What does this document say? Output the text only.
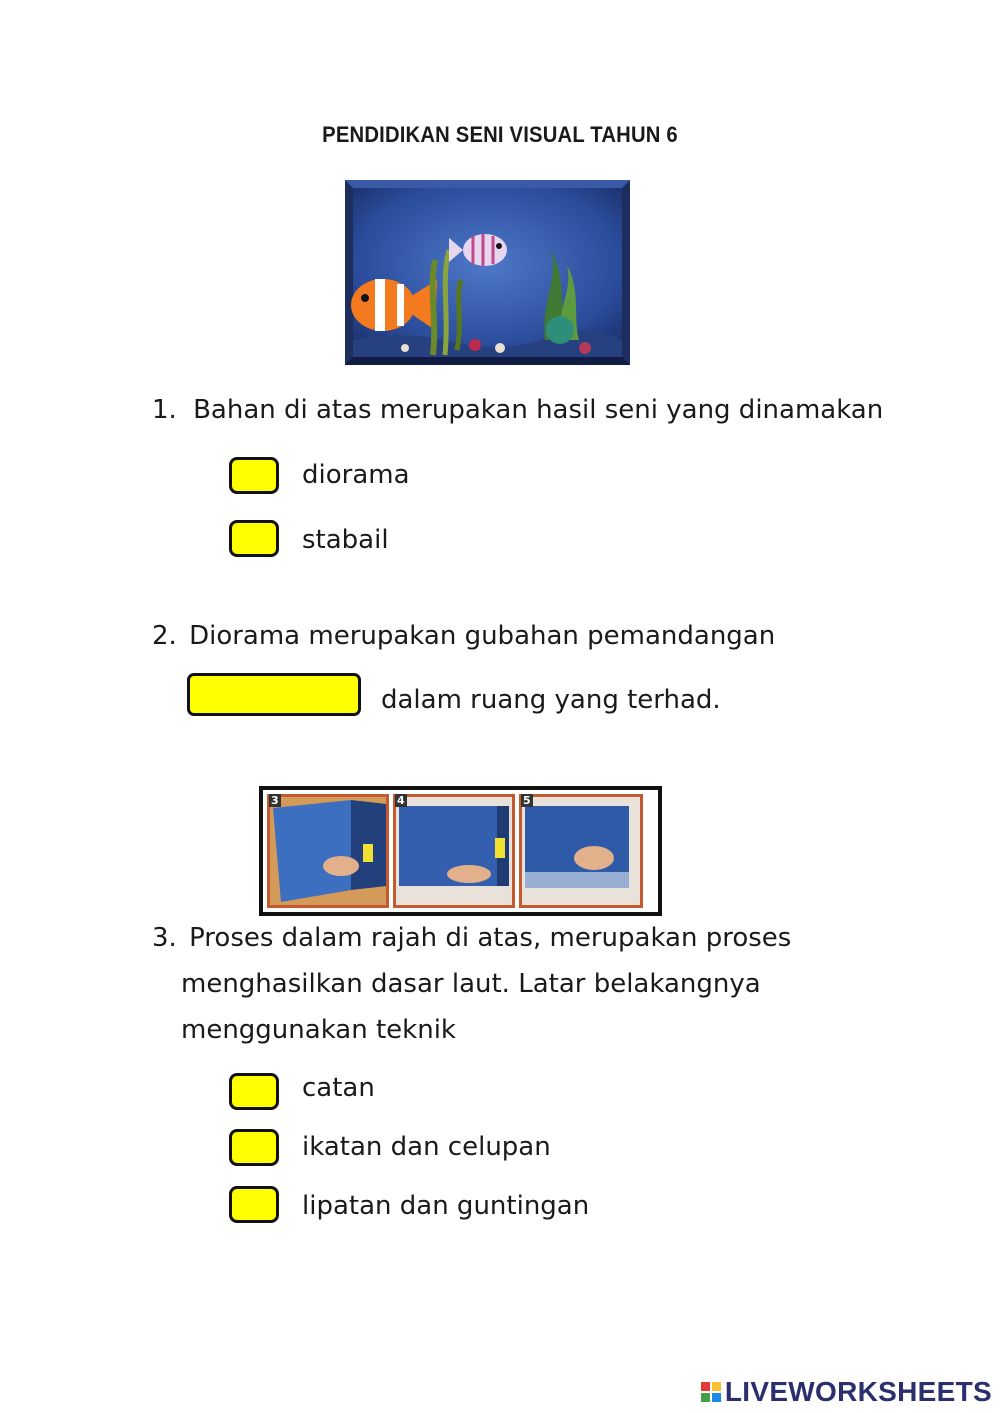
PENDIDIKAN SENI VISUAL TAHUN 6
1. Bahan di atas merupakan hasil seni yang dinamakan
diorama
stabail
2. Diorama merupakan gubahan pemandangan
dalam ruang yang terhad.
3	4	5
3. Proses dalam rajah di atas, merupakan proses
menghasilkan dasar laut. Latar belakangnya
menggunakan teknik
catan
ikatan dan celupan
lipatan dan guntingan
LIVEWORKSHEETS
